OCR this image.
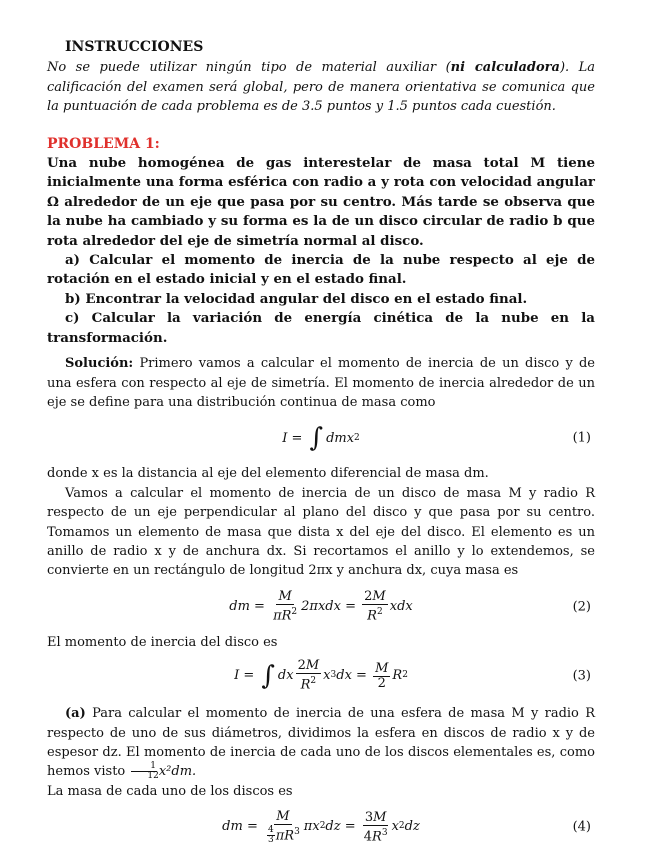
INSTRUCCIONES
No se puede utilizar ningún tipo de material auxiliar (ni calculadora). La calificación del examen será global, pero de manera orientativa se comunica que la puntuación de cada problema es de 3.5 puntos y 1.5 puntos cada cuestión.
PROBLEMA 1:
Una nube homogénea de gas interestelar de masa total M tiene inicialmente una forma esférica con radio a y rota con velocidad angular Ω alrededor de un eje que pasa por su centro. Más tarde se observa que la nube ha cambiado y su forma es la de un disco circular de radio b que rota alrededor del eje de simetría normal al disco.
a) Calcular el momento de inercia de la nube respecto al eje de rotación en el estado inicial y en el estado final.
b) Encontrar la velocidad angular del disco en el estado final.
c) Calcular la variación de energía cinética de la nube en la transformación.
Solución: Primero vamos a calcular el momento de inercia de un disco y de una esfera con respecto al eje de simetría. El momento de inercia alrededor de un eje se define para una distribución continua de masa como
I = ∫ dmx 2	(1)
donde x es la distancia al eje del elemento diferencial de masa dm.
Vamos a calcular el momento de inercia de un disco de masa M y radio R respecto de un eje perpendicular al plano del disco y que pasa por su centro. Tomamos un elemento de masa que dista x del eje del disco. El elemento es un anillo de radio x y de anchura dx. Si recortamos el anillo y lo extendemos, se convierte en un rectángulo de longitud 2πx y anchura dx, cuya masa es
dm = $\frac{M}{\pi R^2} 2\pi xdx = \frac{2M}{R^2}$ xdx	(2)
El momento de inercia del disco es
I = ∫ dx $\frac{2M}{R^2}$ x 3 dx = $\frac{M}{2}$ R 2	(3)
(a) Para calcular el momento de inercia de una esfera de masa M y radio R respecto de uno de sus diámetros, dividimos la esfera en discos de radio x y de espesor dz. El momento de inercia de cada uno de los discos elementales es, como hemos visto $\frac{1}{12} x^2dm$.
La masa de cada uno de los discos es
dm = $\frac{M}{\frac{4}{3} \pi R^3}$ πx 2 dz = $\frac{3M}{4R^3}$ x 2 dz	(4)
